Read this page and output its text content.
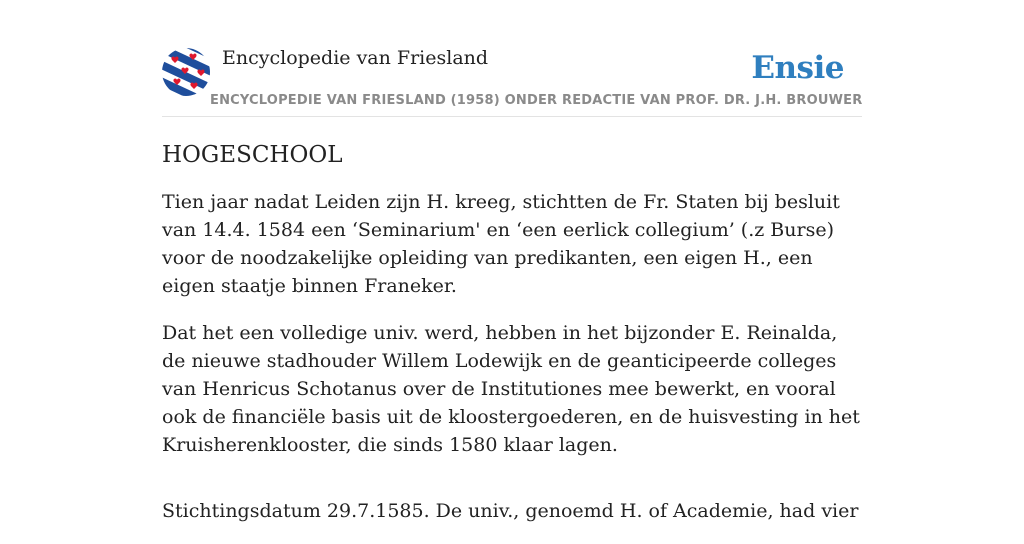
Encyclopedie van Friesland	Ensie
ENCYCLOPEDIE VAN FRIESLAND (1958) ONDER REDACTIE VAN PROF. DR. J.H. BROUWER
HOGESCHOOL

Tien jaar nadat Leiden zijn H. kreeg, stichtten de Fr. Staten bij besluit van 14.4. 1584 een ‘Seminarium' en ‘een eerlick collegium’ (.z Burse) voor de noodzakelijke opleiding van predikanten, een eigen H., een eigen staatje binnen Franeker.

Dat het een volledige univ. werd, hebben in het bijzonder E. Reinalda, de nieuwe stadhouder Willem Lodewijk en de geanticipeerde colleges van Henricus Schotanus over de Institutiones mee bewerkt, en vooral ook de financiële basis uit de kloostergoederen, en de huisvesting in het Kruisherenklooster, die sinds 1580 klaar lagen.

Stichtingsdatum 29.7.1585. De univ., genoemd H. of Academie, had vier
